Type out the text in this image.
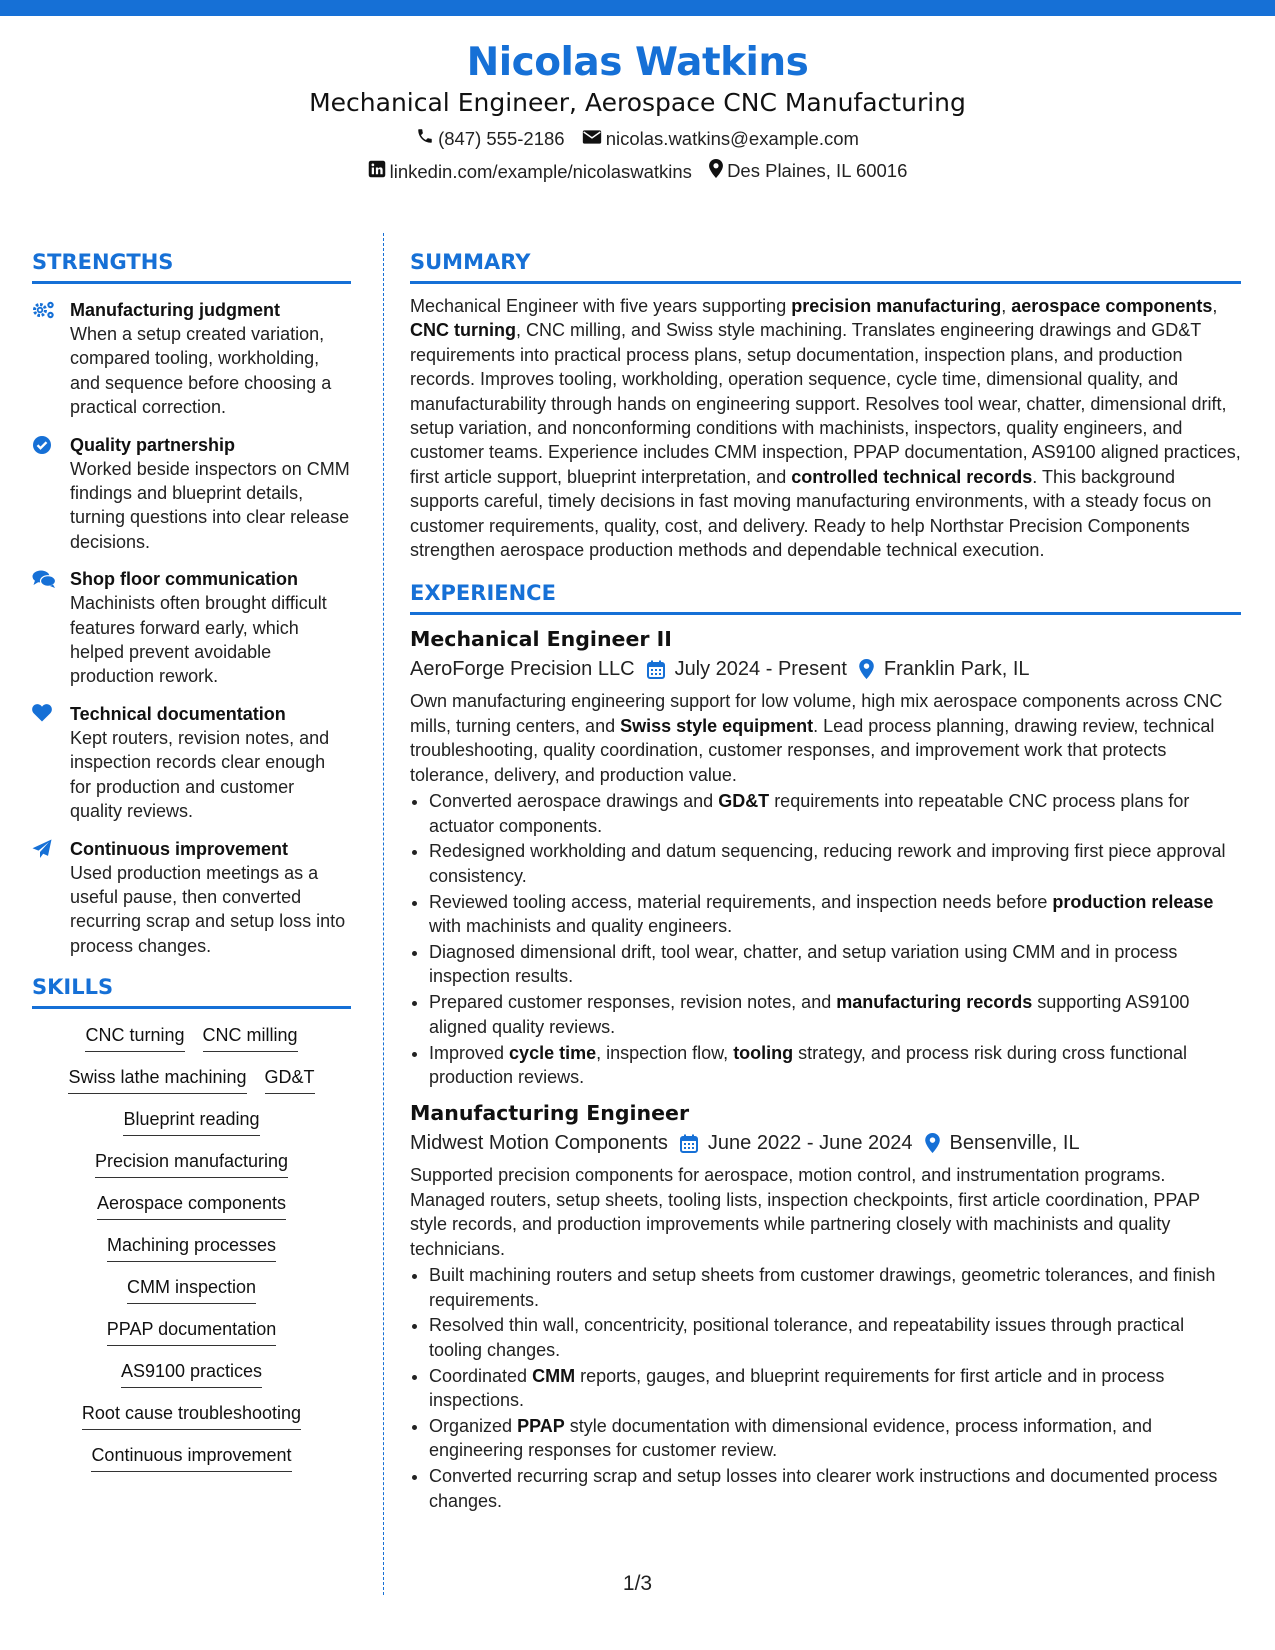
Nicolas Watkins
Mechanical Engineer, Aerospace CNC Manufacturing
(847) 555-2186
nicolas.watkins@example.com
linkedin.com/example/nicolaswatkins
Des Plaines, IL 60016
STRENGTHS
Manufacturing judgment
When a setup created variation, compared tooling, workholding, and sequence before choosing a practical correction.
Quality partnership
Worked beside inspectors on CMM findings and blueprint details, turning questions into clear release decisions.
Shop floor communication
Machinists often brought difficult features forward early, which helped prevent avoidable production rework.
Technical documentation
Kept routers, revision notes, and inspection records clear enough for production and customer quality reviews.
Continuous improvement
Used production meetings as a useful pause, then converted recurring scrap and setup loss into process changes.
SKILLS
CNC turning CNC milling
Swiss lathe machining GD&T
Blueprint reading
Precision manufacturing
Aerospace components
Machining processes
CMM inspection
PPAP documentation
AS9100 practices
Root cause troubleshooting
Continuous improvement
SUMMARY
Mechanical Engineer with five years supporting precision manufacturing, aerospace components, CNC turning, CNC milling, and Swiss style machining. Translates engineering drawings and GD&T requirements into practical process plans, setup documentation, inspection plans, and production records. Improves tooling, workholding, operation sequence, cycle time, dimensional quality, and manufacturability through hands on engineering support. Resolves tool wear, chatter, dimensional drift, setup variation, and nonconforming conditions with machinists, inspectors, quality engineers, and customer teams. Experience includes CMM inspection, PPAP documentation, AS9100 aligned practices, first article support, blueprint interpretation, and controlled technical records. This background supports careful, timely decisions in fast moving manufacturing environments, with a steady focus on customer requirements, quality, cost, and delivery. Ready to help Northstar Precision Components strengthen aerospace production methods and dependable technical execution.
EXPERIENCE
Mechanical Engineer II
AeroForge Precision LLC July 2024 - Present Franklin Park, IL
Own manufacturing engineering support for low volume, high mix aerospace components across CNC mills, turning centers, and Swiss style equipment. Lead process planning, drawing review, technical troubleshooting, quality coordination, customer responses, and improvement work that protects tolerance, delivery, and production value.
• Converted aerospace drawings and GD&T requirements into repeatable CNC process plans for actuator components.
• Redesigned workholding and datum sequencing, reducing rework and improving first piece approval consistency.
• Reviewed tooling access, material requirements, and inspection needs before production release with machinists and quality engineers.
• Diagnosed dimensional drift, tool wear, chatter, and setup variation using CMM and in process inspection results.
• Prepared customer responses, revision notes, and manufacturing records supporting AS9100 aligned quality reviews.
• Improved cycle time, inspection flow, tooling strategy, and process risk during cross functional production reviews.
Manufacturing Engineer
Midwest Motion Components June 2022 - June 2024 Bensenville, IL
Supported precision components for aerospace, motion control, and instrumentation programs. Managed routers, setup sheets, tooling lists, inspection checkpoints, first article coordination, PPAP style records, and production improvements while partnering closely with machinists and quality technicians.
• Built machining routers and setup sheets from customer drawings, geometric tolerances, and finish requirements.
• Resolved thin wall, concentricity, positional tolerance, and repeatability issues through practical tooling changes.
• Coordinated CMM reports, gauges, and blueprint requirements for first article and in process inspections.
• Organized PPAP style documentation with dimensional evidence, process information, and engineering responses for customer review.
• Converted recurring scrap and setup losses into clearer work instructions and documented process changes.
1/3
